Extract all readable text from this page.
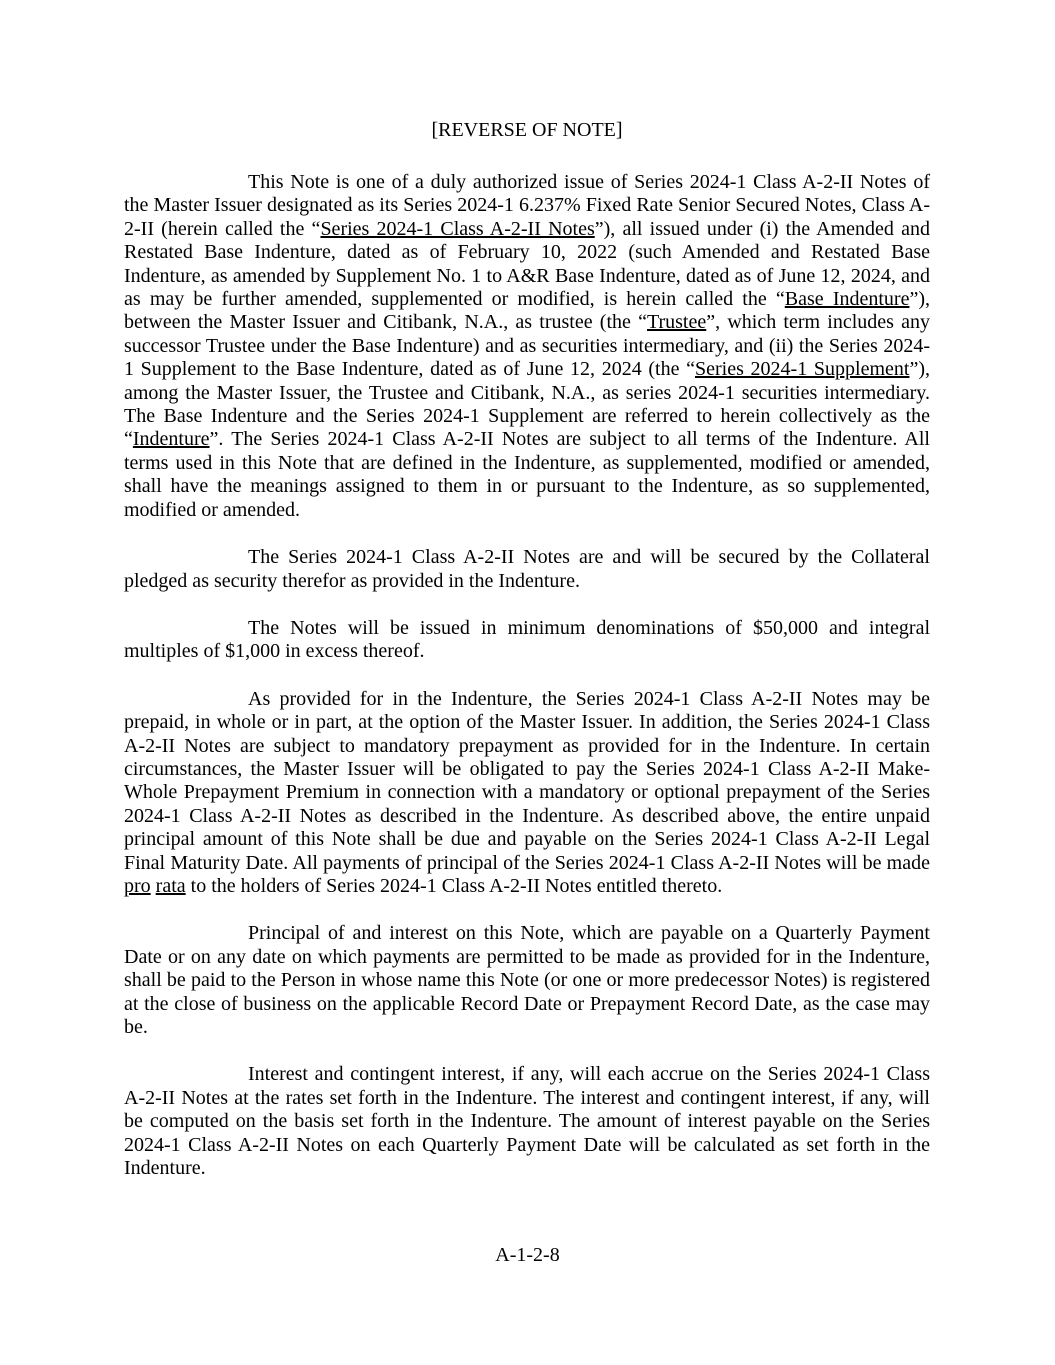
[REVERSE OF NOTE]

This Note is one of a duly authorized issue of Series 2024-1 Class A-2-II Notes of the Master Issuer designated as its Series 2024-1 6.237% Fixed Rate Senior Secured Notes, Class A-2-II (herein called the “Series 2024-1 Class A-2-II Notes”), all issued under (i) the Amended and Restated Base Indenture, dated as of February 10, 2022 (such Amended and Restated Base Indenture, as amended by Supplement No. 1 to A&R Base Indenture, dated as of June 12, 2024, and as may be further amended, supplemented or modified, is herein called the “Base Indenture”), between the Master Issuer and Citibank, N.A., as trustee (the “Trustee”, which term includes any successor Trustee under the Base Indenture) and as securities intermediary, and (ii) the Series 2024-1 Supplement to the Base Indenture, dated as of June 12, 2024 (the “Series 2024-1 Supplement”), among the Master Issuer, the Trustee and Citibank, N.A., as series 2024-1 securities intermediary. The Base Indenture and the Series 2024-1 Supplement are referred to herein collectively as the “Indenture”. The Series 2024-1 Class A-2-II Notes are subject to all terms of the Indenture. All terms used in this Note that are defined in the Indenture, as supplemented, modified or amended, shall have the meanings assigned to them in or pursuant to the Indenture, as so supplemented, modified or amended.

The Series 2024-1 Class A-2-II Notes are and will be secured by the Collateral pledged as security therefor as provided in the Indenture.

The Notes will be issued in minimum denominations of $50,000 and integral multiples of $1,000 in excess thereof.

As provided for in the Indenture, the Series 2024-1 Class A-2-II Notes may be prepaid, in whole or in part, at the option of the Master Issuer. In addition, the Series 2024-1 Class A-2-II Notes are subject to mandatory prepayment as provided for in the Indenture. In certain circumstances, the Master Issuer will be obligated to pay the Series 2024-1 Class A-2-II Make-Whole Prepayment Premium in connection with a mandatory or optional prepayment of the Series 2024-1 Class A-2-II Notes as described in the Indenture. As described above, the entire unpaid principal amount of this Note shall be due and payable on the Series 2024-1 Class A-2-II Legal Final Maturity Date. All payments of principal of the Series 2024-1 Class A-2-II Notes will be made pro rata to the holders of Series 2024-1 Class A-2-II Notes entitled thereto.

Principal of and interest on this Note, which are payable on a Quarterly Payment Date or on any date on which payments are permitted to be made as provided for in the Indenture, shall be paid to the Person in whose name this Note (or one or more predecessor Notes) is registered at the close of business on the applicable Record Date or Prepayment Record Date, as the case may be.

Interest and contingent interest, if any, will each accrue on the Series 2024-1 Class A-2-II Notes at the rates set forth in the Indenture. The interest and contingent interest, if any, will be computed on the basis set forth in the Indenture. The amount of interest payable on the Series 2024-1 Class A-2-II Notes on each Quarterly Payment Date will be calculated as set forth in the Indenture.

A-1-2-8
